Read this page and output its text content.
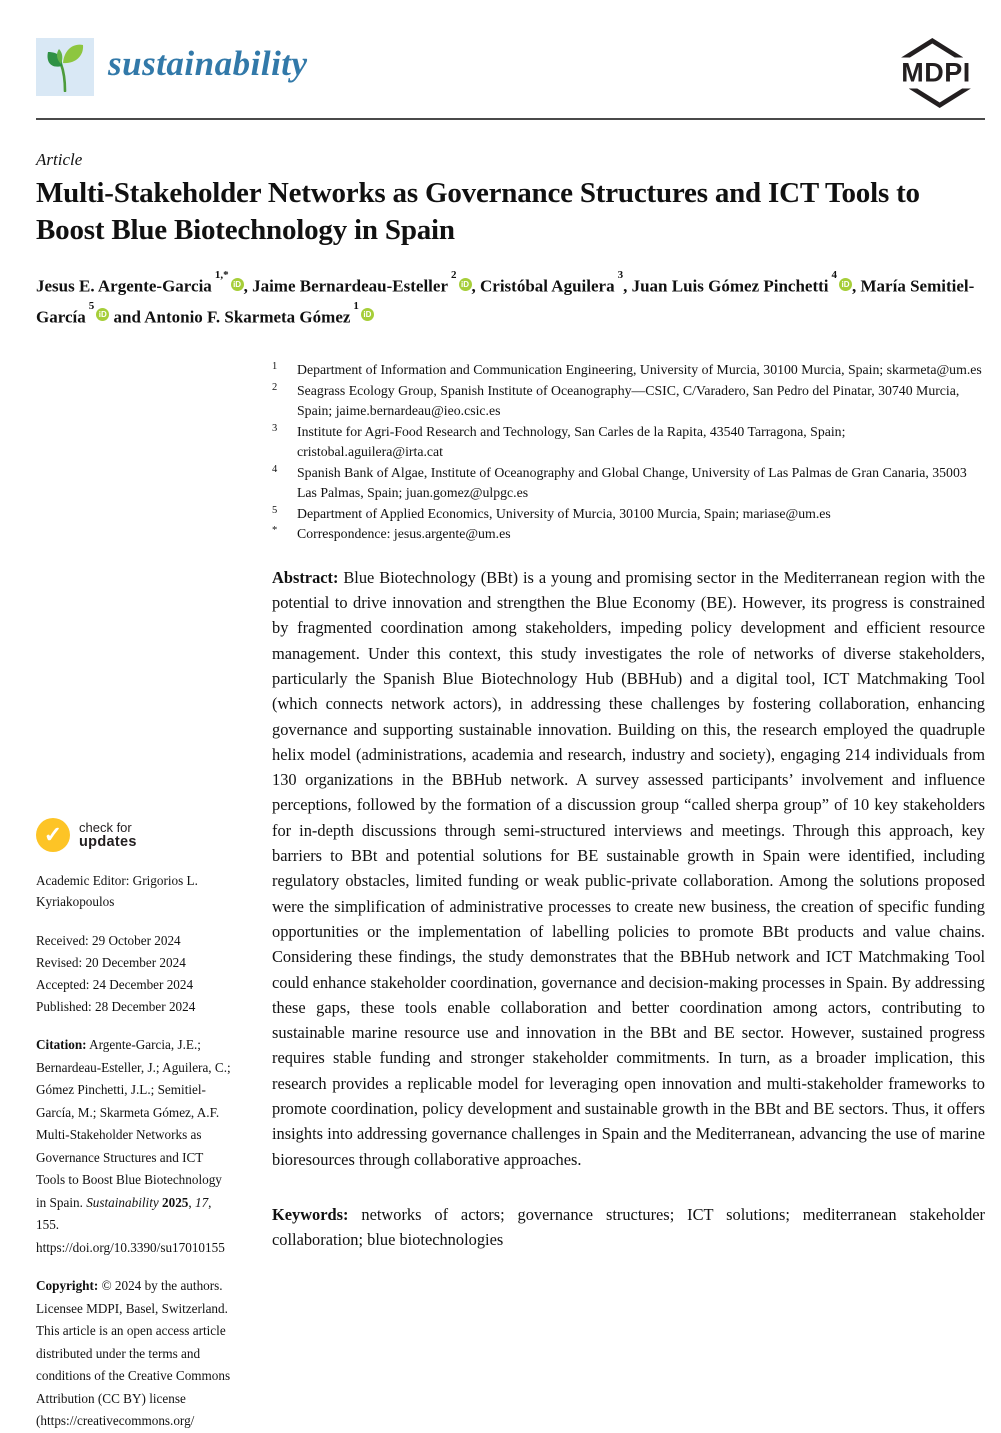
sustainability	MDPI
Article
Multi-Stakeholder Networks as Governance Structures and ICT Tools to Boost Blue Biotechnology in Spain
Jesus E. Argente-Garcia$^{1,*}$iD , Jaime Bernardeau-Esteller$^2$iD , Cristóbal Aguilera$^3$, Juan Luis Gómez Pinchetti$^4$iD , María Semitiel-García$^5$iD and Antonio F. Skarmeta Gómez$^1$iD
✓	check for
updates
Academic Editor: Grigorios L. Kyriakopoulos
Received: 29 October 2024
Revised: 20 December 2024
Accepted: 24 December 2024
Published: 28 December 2024
Citation: Argente-Garcia, J.E.; Bernardeau-Esteller, J.; Aguilera, C.; Gómez Pinchetti, J.L.; Semitiel-García, M.; Skarmeta Gómez, A.F. Multi-Stakeholder Networks as Governance Structures and ICT Tools to Boost Blue Biotechnology in Spain. Sustainability 2025, 17, 155. https://doi.org/10.3390/su17010155
Copyright: © 2024 by the authors. Licensee MDPI, Basel, Switzerland. This article is an open access article distributed under the terms and conditions of the Creative Commons Attribution (CC BY) license (https://creativecommons.org/
1	Department of Information and Communication Engineering, University of Murcia, 30100 Murcia, Spain; skarmeta@um.es
2	Seagrass Ecology Group, Spanish Institute of Oceanography—CSIC, C/Varadero, San Pedro del Pinatar, 30740 Murcia, Spain; jaime.bernardeau@ieo.csic.es
3	Institute for Agri-Food Research and Technology, San Carles de la Rapita, 43540 Tarragona, Spain; cristobal.aguilera@irta.cat
4	Spanish Bank of Algae, Institute of Oceanography and Global Change, University of Las Palmas de Gran Canaria, 35003 Las Palmas, Spain; juan.gomez@ulpgc.es
5	Department of Applied Economics, University of Murcia, 30100 Murcia, Spain; mariase@um.es
*	Correspondence: jesus.argente@um.es

Abstract: Blue Biotechnology (BBt) is a young and promising sector in the Mediterranean region with the potential to drive innovation and strengthen the Blue Economy (BE). However, its progress is constrained by fragmented coordination among stakeholders, impeding policy development and efficient resource management. Under this context, this study investigates the role of networks of diverse stakeholders, particularly the Spanish Blue Biotechnology Hub (BBHub) and a digital tool, ICT Matchmaking Tool (which connects network actors), in addressing these challenges by fostering collaboration, enhancing governance and supporting sustainable innovation. Building on this, the research employed the quadruple helix model (administrations, academia and research, industry and society), engaging 214 individuals from 130 organizations in the BBHub network. A survey assessed participants’ involvement and influence perceptions, followed by the formation of a discussion group “called sherpa group” of 10 key stakeholders for in-depth discussions through semi-structured interviews and meetings. Through this approach, key barriers to BBt and potential solutions for BE sustainable growth in Spain were identified, including regulatory obstacles, limited funding or weak public-private collaboration. Among the solutions proposed were the simplification of administrative processes to create new business, the creation of specific funding opportunities or the implementation of labelling policies to promote BBt products and value chains. Considering these findings, the study demonstrates that the BBHub network and ICT Matchmaking Tool could enhance stakeholder coordination, governance and decision-making processes in Spain. By addressing these gaps, these tools enable collaboration and better coordination among actors, contributing to sustainable marine resource use and innovation in the BBt and BE sector. However, sustained progress requires stable funding and stronger stakeholder commitments. In turn, as a broader implication, this research provides a replicable model for leveraging open innovation and multi-stakeholder frameworks to promote coordination, policy development and sustainable growth in the BBt and BE sectors. Thus, it offers insights into addressing governance challenges in Spain and the Mediterranean, advancing the use of marine bioresources through collaborative approaches.

Keywords: networks of actors; governance structures; ICT solutions; mediterranean stakeholder collaboration; blue biotechnologies
